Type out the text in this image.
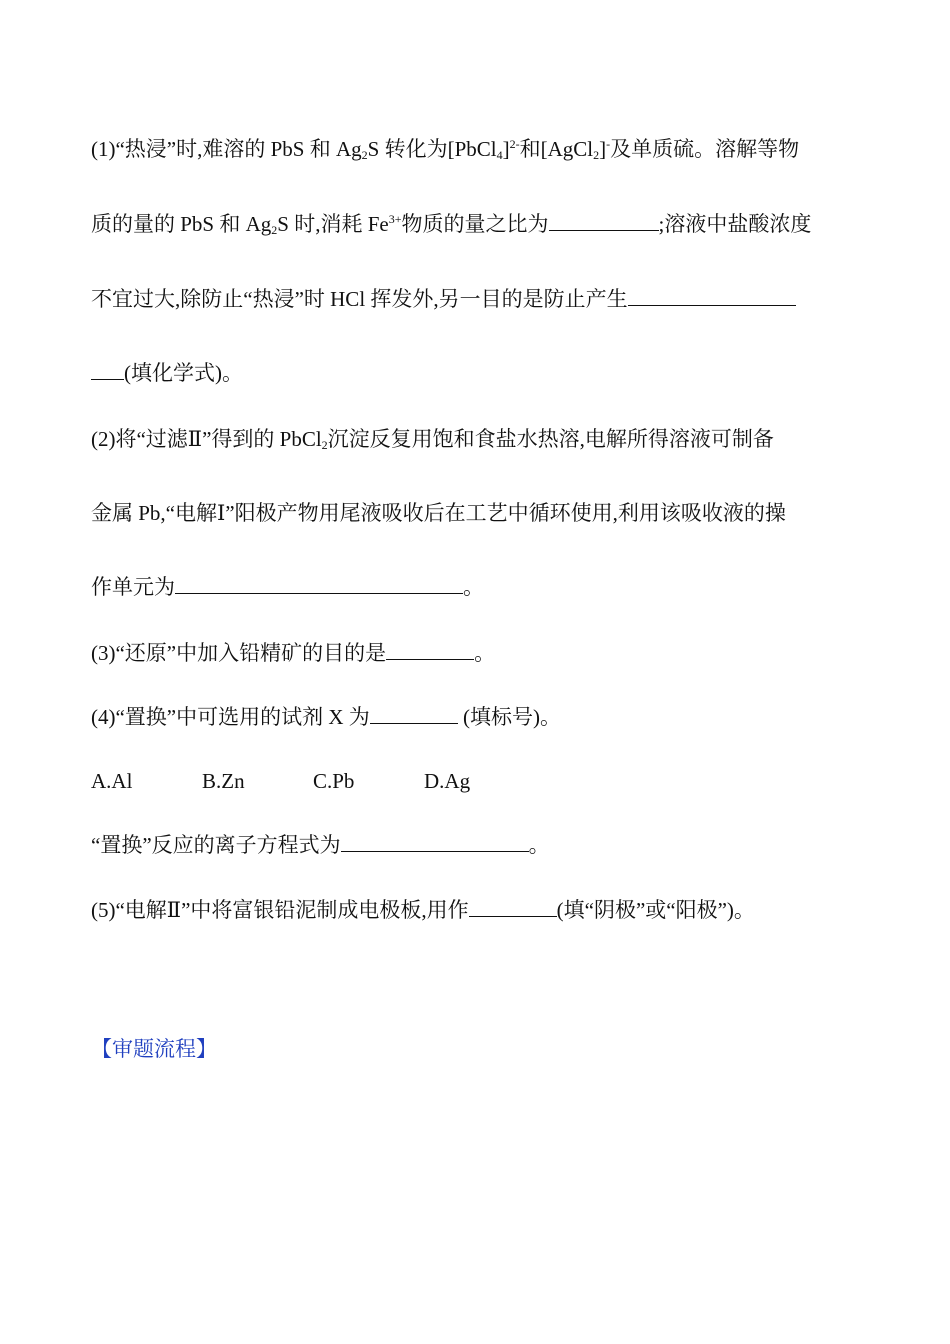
(1)“热浸”时,难溶的 PbS 和 $Ag_2S$ 转化为[PbCl$_4$]$^{2-}$和[AgCl$_2$]-及单质硫。溶解等物
质的量的 PbS 和 $Ag_2S$ 时,消耗 $Fe^{3+}$物质的量之比为	;溶液中盐酸浓度
不宜过大,除防止“热浸”时 HCl 挥发外,另一目的是防止产生
(填化学式)。
(2)将“过滤Ⅱ”得到的 PbCl$_2$沉淀反复用饱和食盐水热溶,电解所得溶液可制备
金属 Pb,“电解Ⅰ”阳极产物用尾液吸收后在工艺中循环使用,利用该吸收液的操
作单元为	。
(3)“还原”中加入铅精矿的目的是	。
(4)“置换”中可选用的试剂 X 为	(填标号)。
A.Al	B.Zn	C.Pb	D.Ag
“置换”反应的离子方程式为	。
(5)“电解Ⅱ”中将富银铅泥制成电极板,用作	(填“阴极”或“阳极”)。
【审题流程】
